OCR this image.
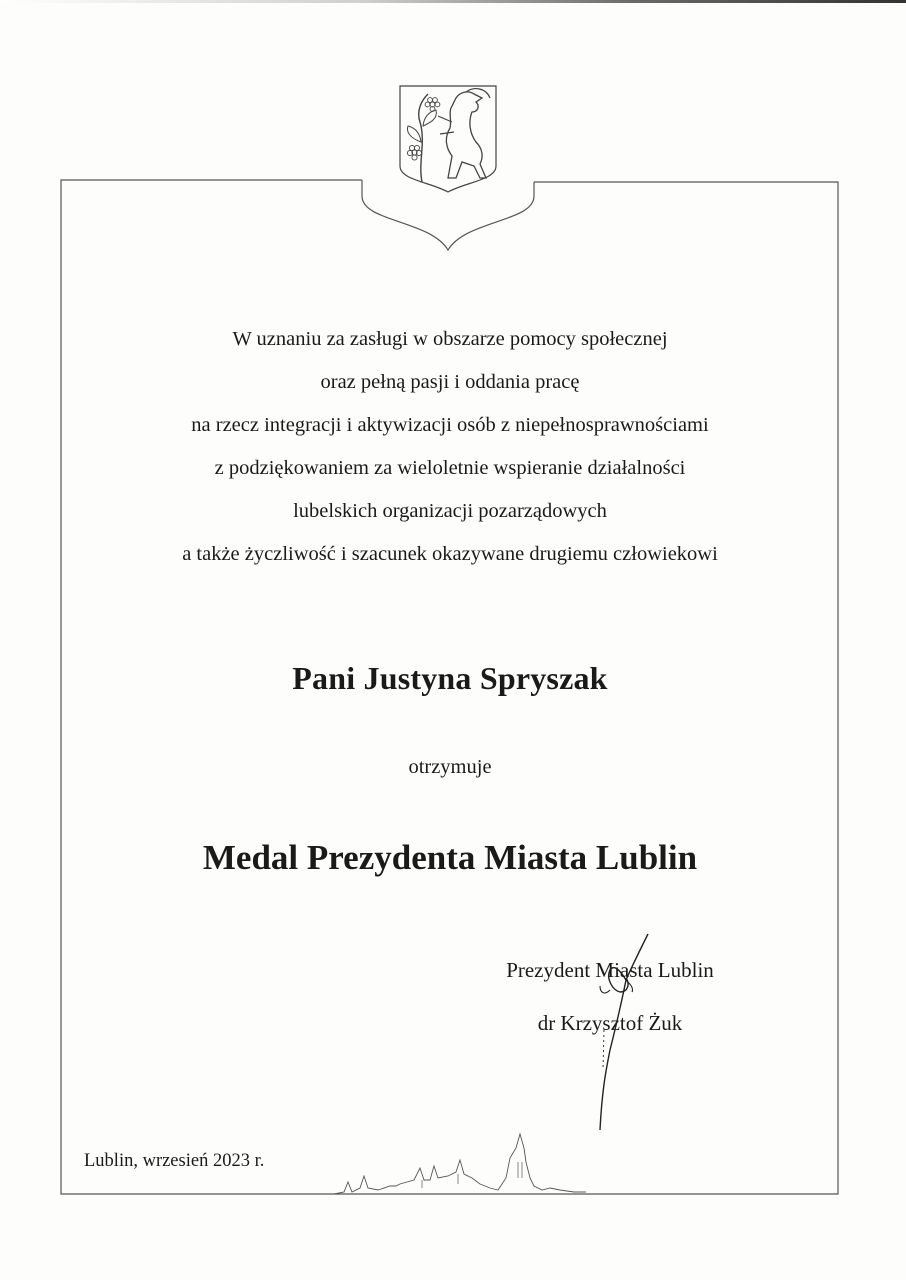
W uznaniu za zasługi w obszarze pomocy społecznej
oraz pełną pasji i oddania pracę
na rzecz integracji i aktywizacji osób z niepełnosprawnościami
z podziękowaniem za wieloletnie wspieranie działalności
lubelskich organizacji pozarządowych
a także życzliwość i szacunek okazywane drugiemu człowiekowi
Pani Justyna Spryszak
otrzymuje
Medal Prezydenta Miasta Lublin
Prezydent Miasta Lublin
dr Krzysztof Żuk
Lublin, wrzesień 2023 r.
